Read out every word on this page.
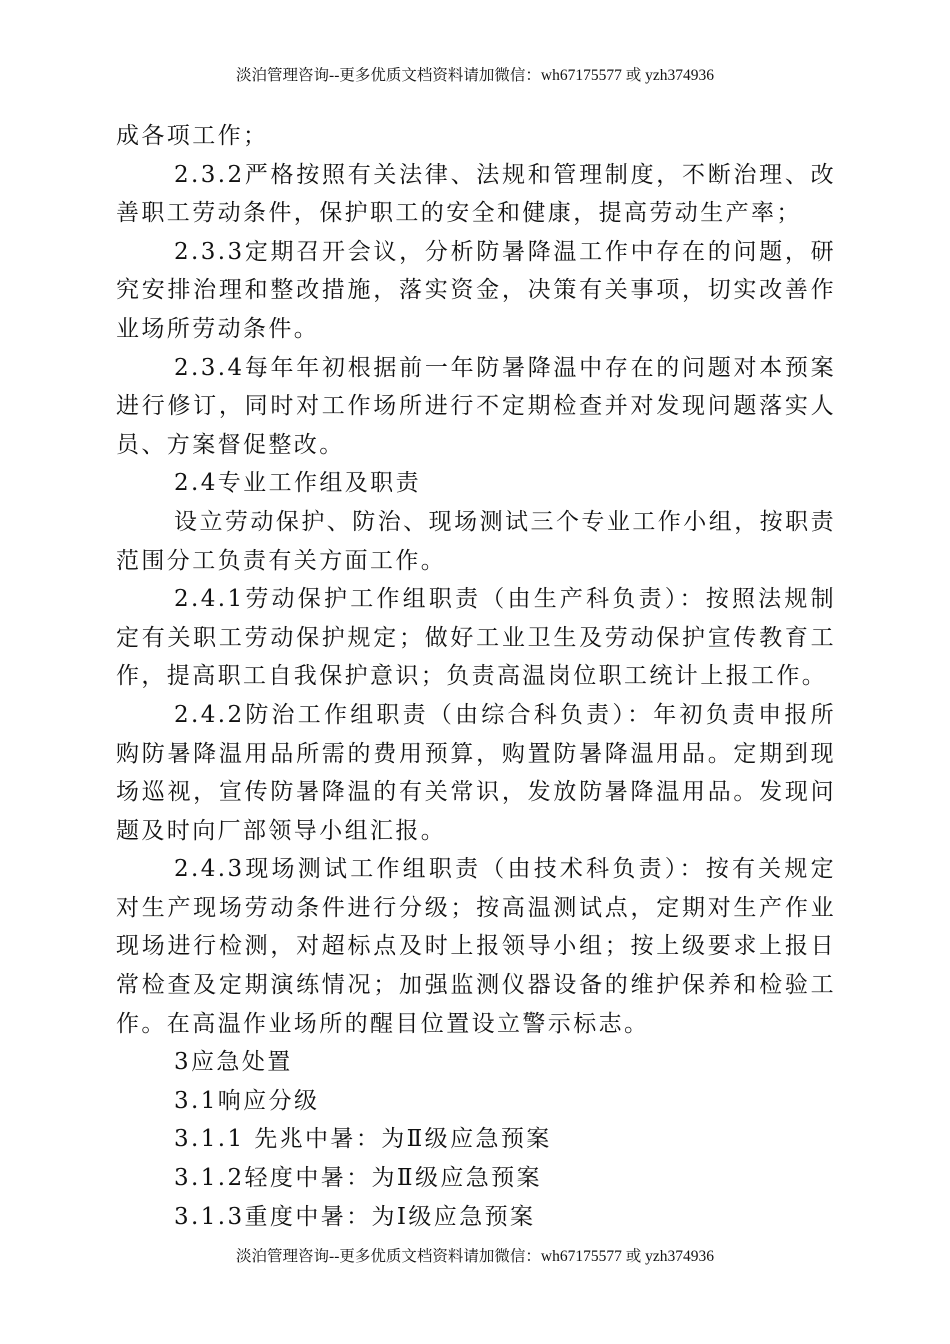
淡泊管理咨询--更多优质文档资料请加微信：wh67175577 或 yzh374936

成各项工作；

2.3.2严格按照有关法律、法规和管理制度，不断治理、改善职工劳动条件，保护职工的安全和健康，提高劳动生产率；

2.3.3定期召开会议，分析防暑降温工作中存在的问题，研究安排治理和整改措施，落实资金，决策有关事项，切实改善作业场所劳动条件。

2.3.4每年年初根据前一年防暑降温中存在的问题对本预案进行修订，同时对工作场所进行不定期检查并对发现问题落实人员、方案督促整改。

2.4专业工作组及职责

设立劳动保护、防治、现场测试三个专业工作小组，按职责范围分工负责有关方面工作。

2.4.1劳动保护工作组职责（由生产科负责）：按照法规制定有关职工劳动保护规定；做好工业卫生及劳动保护宣传教育工作，提高职工自我保护意识；负责高温岗位职工统计上报工作。

2.4.2防治工作组职责（由综合科负责）：年初负责申报所购防暑降温用品所需的费用预算，购置防暑降温用品。定期到现场巡视，宣传防暑降温的有关常识，发放防暑降温用品。发现问题及时向厂部领导小组汇报。

2.4.3现场测试工作组职责（由技术科负责）：按有关规定对生产现场劳动条件进行分级；按高温测试点，定期对生产作业现场进行检测，对超标点及时上报领导小组；按上级要求上报日常检查及定期演练情况；加强监测仪器设备的维护保养和检验工作。在高温作业场所的醒目位置设立警示标志。

3应急处置

3.1响应分级

3.1.1 先兆中暑：为Ⅱ级应急预案

3.1.2轻度中暑：为Ⅱ级应急预案

3.1.3重度中暑：为Ⅰ级应急预案

淡泊管理咨询--更多优质文档资料请加微信：wh67175577 或 yzh374936
